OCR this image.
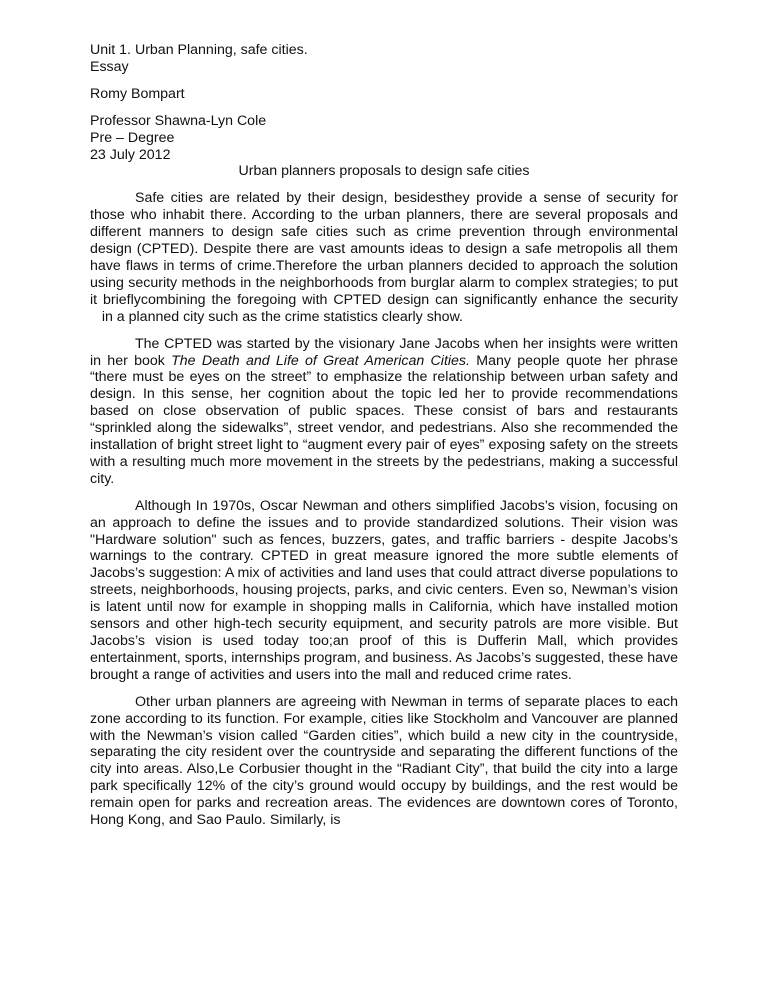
Unit 1. Urban Planning, safe cities.
Essay
Romy Bompart
Professor Shawna-Lyn Cole
Pre – Degree
23 July 2012
Urban planners proposals to design safe cities

Safe cities are related by their design, besidesthey provide a sense of security for those who inhabit there. According to the urban planners, there are several proposals and different manners to design safe cities such as crime prevention through environmental design (CPTED). Despite there are vast amounts ideas to design a safe metropolis all them have flaws in terms of crime.Therefore the urban planners decided to approach the solution using security methods in the neighborhoods from burglar alarm to complex strategies; to put it brieflycombining the foregoing with CPTED design can significantly enhance the security    in a planned city such as the crime statistics clearly show.

The CPTED was started by the visionary Jane Jacobs when her insights were written in her book The Death and Life of Great American Cities. Many people quote her phrase “there must be eyes on the street” to emphasize the relationship between urban safety and design. In this sense, her cognition about the topic led her to provide recommendations based on close observation of public spaces. These consist of bars and restaurants “sprinkled along the sidewalks”, street vendor, and pedestrians. Also she recommended the installation of bright street light to “augment every pair of eyes” exposing safety on the streets with a resulting much more movement in the streets by the pedestrians, making a successful city.

Although In 1970s, Oscar Newman and others simplified Jacobs’s vision, focusing on an approach to define the issues and to provide standardized solutions. Their vision was "Hardware solution" such as fences, buzzers, gates, and traffic barriers - despite Jacobs’s warnings to the contrary. CPTED in great measure ignored the more subtle elements of Jacobs’s suggestion: A mix of activities and land uses that could attract diverse populations to streets, neighborhoods, housing projects, parks, and civic centers. Even so, Newman’s vision is latent until now for example in shopping malls in California, which have installed motion sensors and other high-tech security equipment, and security patrols are more visible. But Jacobs’s vision is used today too;an proof of this is Dufferin Mall, which provides entertainment, sports, internships program, and business. As Jacobs’s suggested, these have brought a range of activities and users into the mall and reduced crime rates.

Other urban planners are agreeing with Newman in terms of separate places to each zone according to its function. For example, cities like Stockholm and Vancouver are planned with the Newman’s vision called “Garden cities”, which build a new city in the countryside, separating the city resident over the countryside and separating the different functions of the city into areas. Also,Le Corbusier thought in the “Radiant City”, that build the city into a large park specifically 12% of the city’s ground would occupy by buildings, and the rest would be remain open for parks and recreation areas. The evidences are downtown cores of Toronto, Hong Kong, and Sao Paulo. Similarly, is
